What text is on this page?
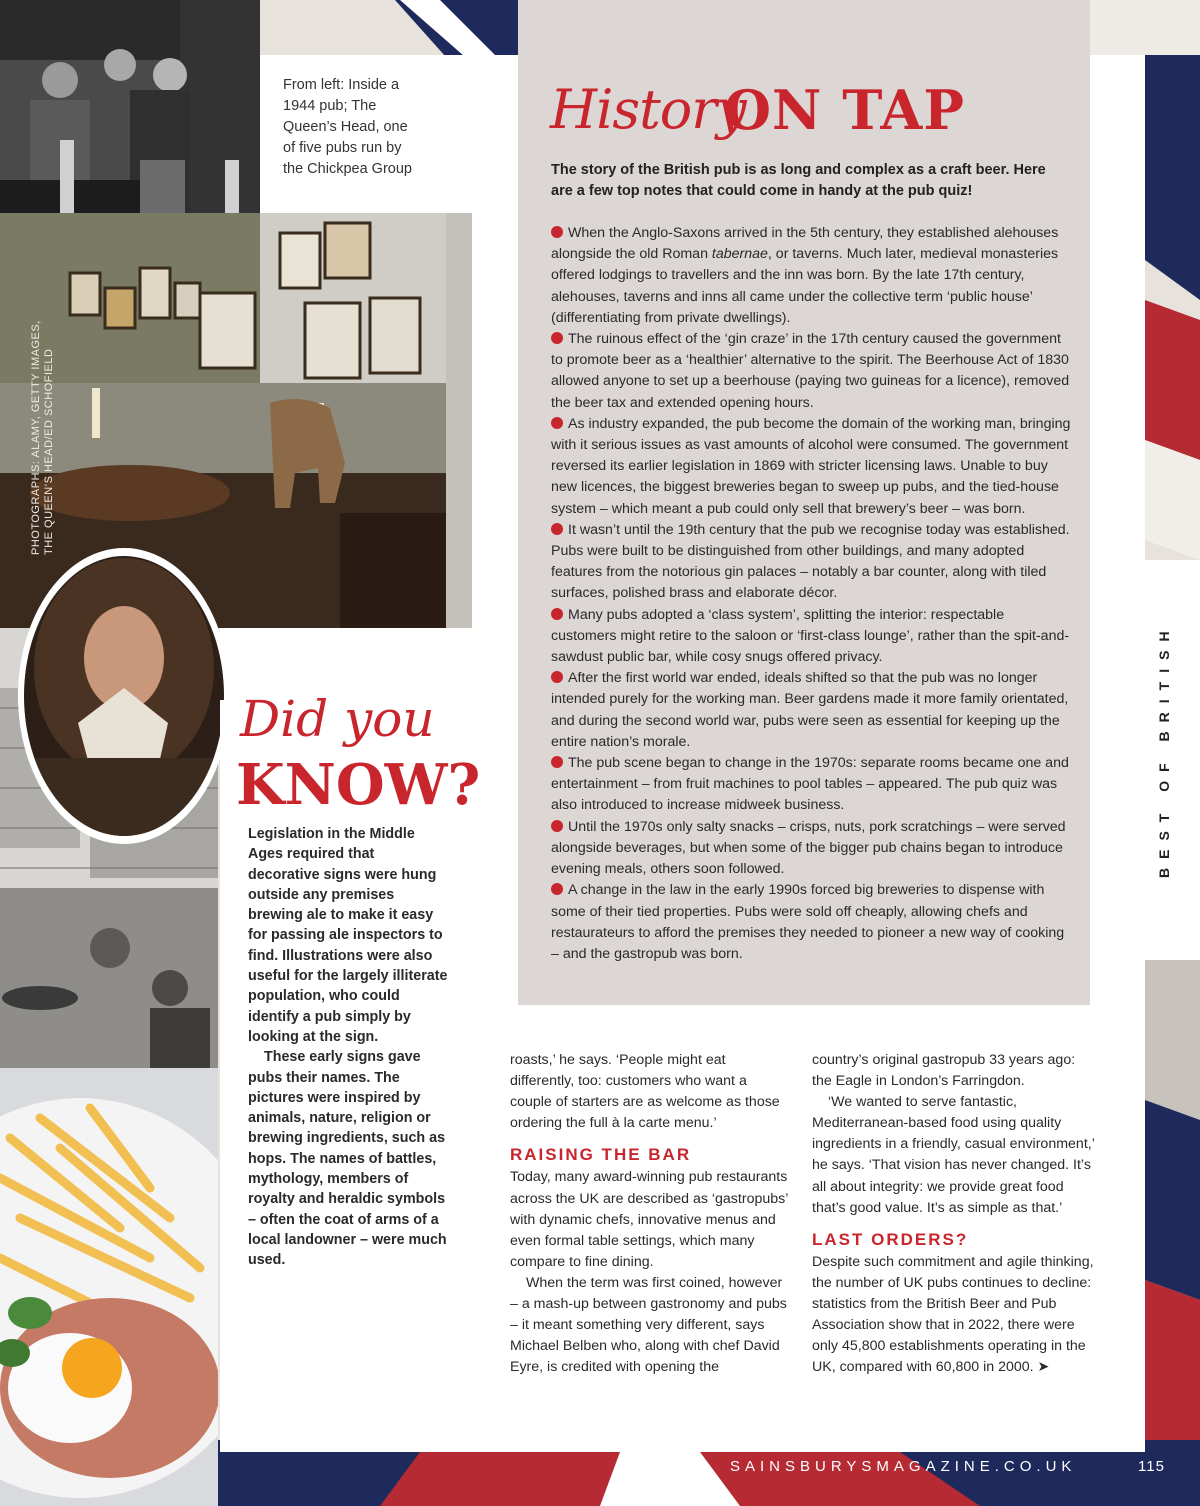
From left: Inside a 1944 pub; The Queen’s Head, one of five pubs run by the Chickpea Group
PHOTOGRAPHS: ALAMY, GETTY IMAGES, THE QUEEN’S HEAD/ED SCHOFIELD
History
ON TAP
The story of the British pub is as long and complex as a craft beer. Here are a few top notes that could come in handy at the pub quiz!

When the Anglo-Saxons arrived in the 5th century, they established alehouses alongside the old Roman tabernae, or taverns. Much later, medieval monasteries offered lodgings to travellers and the inn was born. By the late 17th century, alehouses, taverns and inns all came under the collective term ‘public house’ (differentiating from private dwellings).

The ruinous effect of the ‘gin craze’ in the 17th century caused the government to promote beer as a ‘healthier’ alternative to the spirit. The Beerhouse Act of 1830 allowed anyone to set up a beerhouse (paying two guineas for a licence), removed the beer tax and extended opening hours.

As industry expanded, the pub become the domain of the working man, bringing with it serious issues as vast amounts of alcohol were consumed. The government reversed its earlier legislation in 1869 with stricter licensing laws. Unable to buy new licences, the biggest breweries began to sweep up pubs, and the tied-house system – which meant a pub could only sell that brewery’s beer – was born.

It wasn’t until the 19th century that the pub we recognise today was established. Pubs were built to be distinguished from other buildings, and many adopted features from the notorious gin palaces – notably a bar counter, along with tiled surfaces, polished brass and elaborate décor.

Many pubs adopted a ‘class system’, splitting the interior: respectable customers might retire to the saloon or ‘first-class lounge’, rather than the spit-and-sawdust public bar, while cosy snugs offered privacy.

After the first world war ended, ideals shifted so that the pub was no longer intended purely for the working man. Beer gardens made it more family orientated, and during the second world war, pubs were seen as essential for keeping up the entire nation’s morale.

The pub scene began to change in the 1970s: separate rooms became one and entertainment – from fruit machines to pool tables – appeared. The pub quiz was also introduced to increase midweek business.

Until the 1970s only salty snacks – crisps, nuts, pork scratchings – were served alongside beverages, but when some of the bigger pub chains began to introduce evening meals, others soon followed.

A change in the law in the early 1990s forced big breweries to dispense with some of their tied properties. Pubs were sold off cheaply, allowing chefs and restaurateurs to afford the premises they needed to pioneer a new way of cooking – and the gastropub was born.

Did you
KNOW?

Legislation in the Middle Ages required that decorative signs were hung outside any premises brewing ale to make it easy for passing ale inspectors to find. Illustrations were also useful for the largely illiterate population, who could identify a pub simply by looking at the sign.

These early signs gave pubs their names. The pictures were inspired by animals, nature, religion or brewing ingredients, such as hops. The names of battles, mythology, members of royalty and heraldic symbols – often the coat of arms of a local landowner – were much used.

roasts,’ he says. ‘People might eat differently, too: customers who want a couple of starters are as welcome as those ordering the full à la carte menu.’

RAISING THE BAR

Today, many award-winning pub restaurants across the UK are described as ‘gastropubs’ with dynamic chefs, innovative menus and even formal table settings, which many compare to fine dining.

When the term was first coined, however – a mash-up between gastronomy and pubs – it meant something very different, says Michael Belben who, along with chef David Eyre, is credited with opening the

country’s original gastropub 33 years ago: the Eagle in London’s Farringdon.

‘We wanted to serve fantastic, Mediterranean-based food using quality ingredients in a friendly, casual environment,’ he says. ‘That vision has never changed. It’s all about integrity: we provide great food that’s good value. It’s as simple as that.’

LAST ORDERS?

Despite such commitment and agile thinking, the number of UK pubs continues to decline: statistics from the British Beer and Pub Association show that in 2022, there were only 45,800 establishments operating in the UK, compared with 60,800 in 2000. ➤

BEST OF BRITISH
SAINSBURYSMAGAZINE.CO.UK	115
